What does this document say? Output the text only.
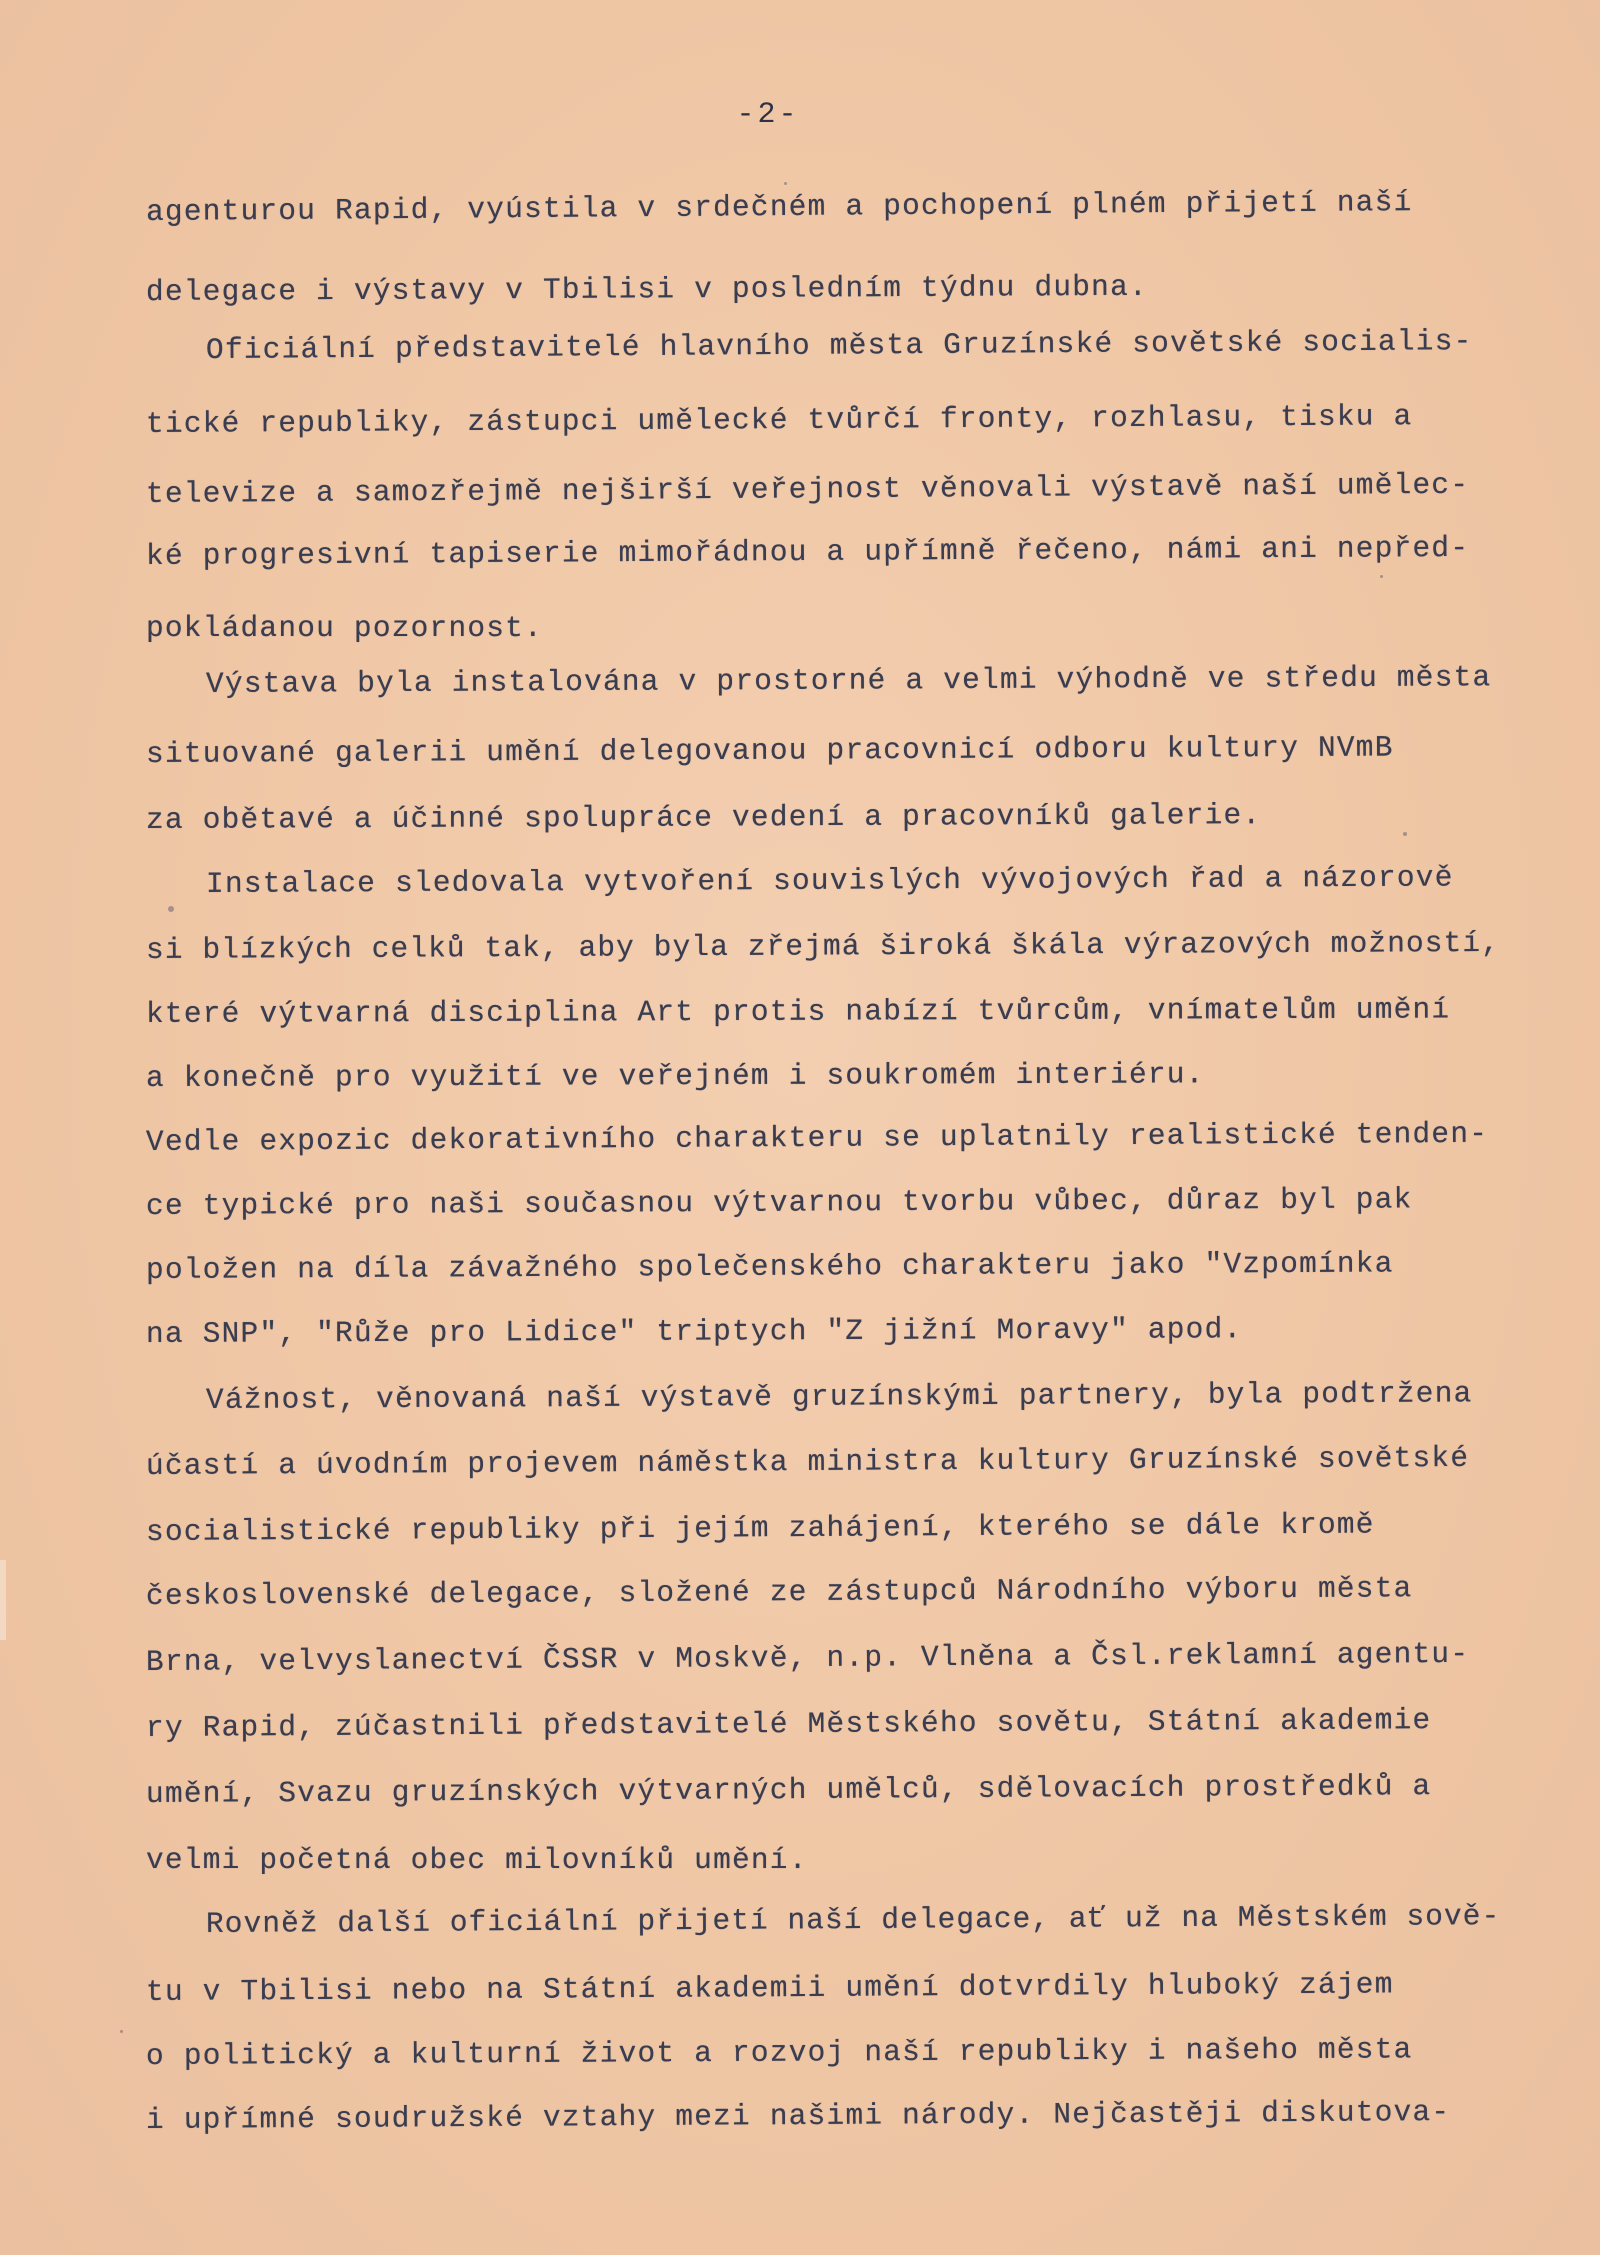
-2-
agenturou Rapid, vyústila v srdečném a pochopení plném přijetí naší
delegace i výstavy v Tbilisi v posledním týdnu dubna.
Oficiální představitelé hlavního města Gruzínské sovětské socialis-
tické republiky, zástupci umělecké tvůrčí fronty, rozhlasu, tisku a
televize a samozřejmě nejširší veřejnost věnovali výstavě naší umělec-
ké progresivní tapiserie mimořádnou a upřímně řečeno, námi ani nepřed-
pokládanou pozornost.
Výstava byla instalována v prostorné a velmi výhodně ve středu města
situované galerii umění delegovanou pracovnicí odboru kultury NVmB
za obětavé a účinné spolupráce vedení a pracovníků galerie.
Instalace sledovala vytvoření souvislých vývojových řad a názorově
si blízkých celků tak, aby byla zřejmá široká škála výrazových možností,
které výtvarná disciplina Art protis nabízí tvůrcům, vnímatelům umění
a konečně pro využití ve veřejném i soukromém interiéru.
Vedle expozic dekorativního charakteru se uplatnily realistické tenden-
ce typické pro naši současnou výtvarnou tvorbu vůbec, důraz byl pak
položen na díla závažného společenského charakteru jako "Vzpomínka
na SNP", "Růže pro Lidice" triptych "Z jižní Moravy" apod.
Vážnost, věnovaná naší výstavě gruzínskými partnery, byla podtržena
účastí a úvodním projevem náměstka ministra kultury Gruzínské sovětské
socialistické republiky při jejím zahájení, kterého se dále kromě
československé delegace, složené ze zástupců Národního výboru města
Brna, velvyslanectví ČSSR v Moskvě, n.p. Vlněna a Čsl.reklamní agentu-
ry Rapid, zúčastnili představitelé Městského sovětu, Státní akademie
umění, Svazu gruzínských výtvarných umělců, sdělovacích prostředků a
velmi početná obec milovníků umění.
Rovněž další oficiální přijetí naší delegace, ať už na Městském sově-
tu v Tbilisi nebo na Státní akademii umění dotvrdily hluboký zájem
o politický a kulturní život a rozvoj naší republiky i našeho města
i upřímné soudružské vztahy mezi našimi národy. Nejčastěji diskutova-
